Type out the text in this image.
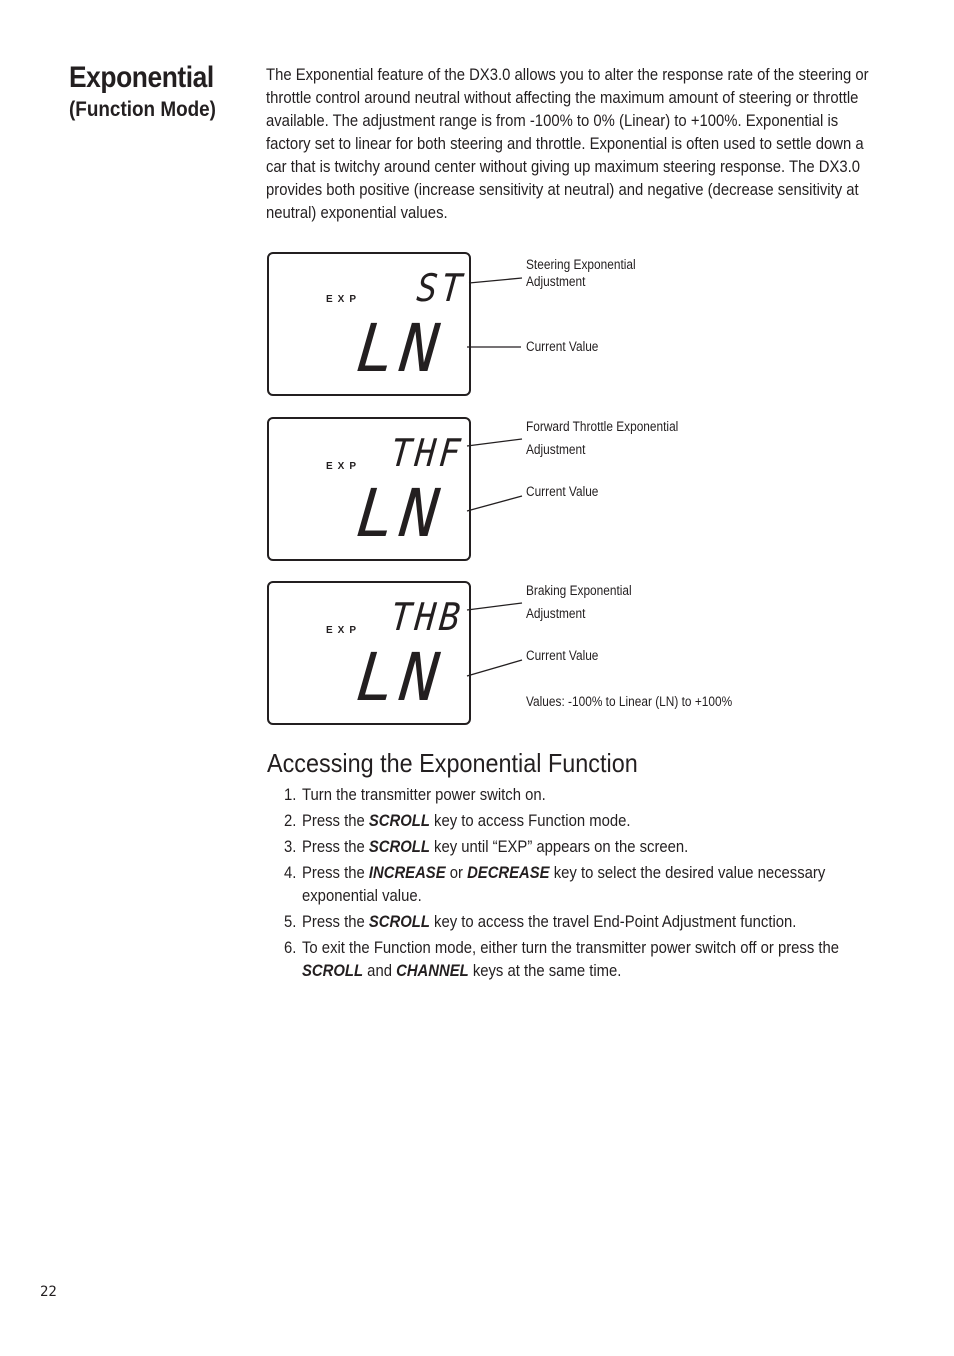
Exponential
(Function Mode)

The Exponential feature of the DX3.0 allows you to alter the response rate of the steering or throttle control around neutral without affecting the maximum amount of steering or throttle available. The adjustment range is from -100% to 0% (Linear) to +100%. Exponential is factory set to linear for both steering and throttle. Exponential is often used to settle down a car that is twitchy around center without giving up maximum steering response. The DX3.0 provides both positive (increase sensitivity at neutral) and negative (decrease sensitivity at neutral) exponential values.

EXP ST
LN
EXP THF
LN
EXP THB
LN
Steering Exponential
Adjustment
Current Value
Forward Throttle Exponential
Adjustment
Current Value
Braking Exponential
Adjustment
Current Value
Values: -100% to Linear (LN) to +100%
Accessing the Exponential Function
1. Turn the transmitter power switch on.
2. Press the SCROLL key to access Function mode.
3. Press the SCROLL key until “EXP” appears on the screen.
4. Press the INCREASE or DECREASE key to select the desired value necessary exponential value.
5. Press the SCROLL key to access the travel End-Point Adjustment function.
6. To exit the Function mode, either turn the transmitter power switch off or press the SCROLL and CHANNEL keys at the same time.
22
